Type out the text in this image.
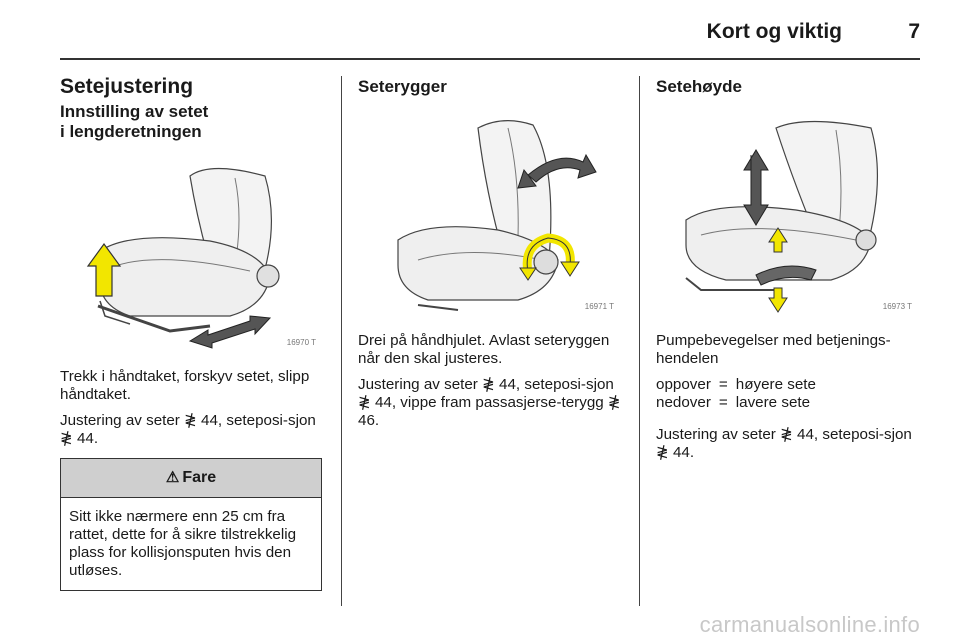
Kort og viktig	7
Setejustering
Innstilling av setet
i lengderetningen
16970 T

Trekk i håndtaket, forskyv setet, slipp håndtaket.

Justering av seter ≹ 44, seteposi-sjon ≹ 44.

⚠ Fare
Sitt ikke nærmere enn 25 cm fra rattet, dette for å sikre tilstrekkelig plass for kollisjonsputen hvis den utløses.
Seterygger
16971 T

Drei på håndhjulet. Avlast seteryggen når den skal justeres.

Justering av seter ≹ 44, seteposi-sjon ≹ 44, vippe fram passasjerse-terygg ≹ 46.

Setehøyde
16973 T

Pumpebevegelser med betjenings-hendelen

oppover = høyere sete
nedover = lavere sete

Justering av seter ≹ 44, seteposi-sjon ≹ 44.

carmanualsonline.info
